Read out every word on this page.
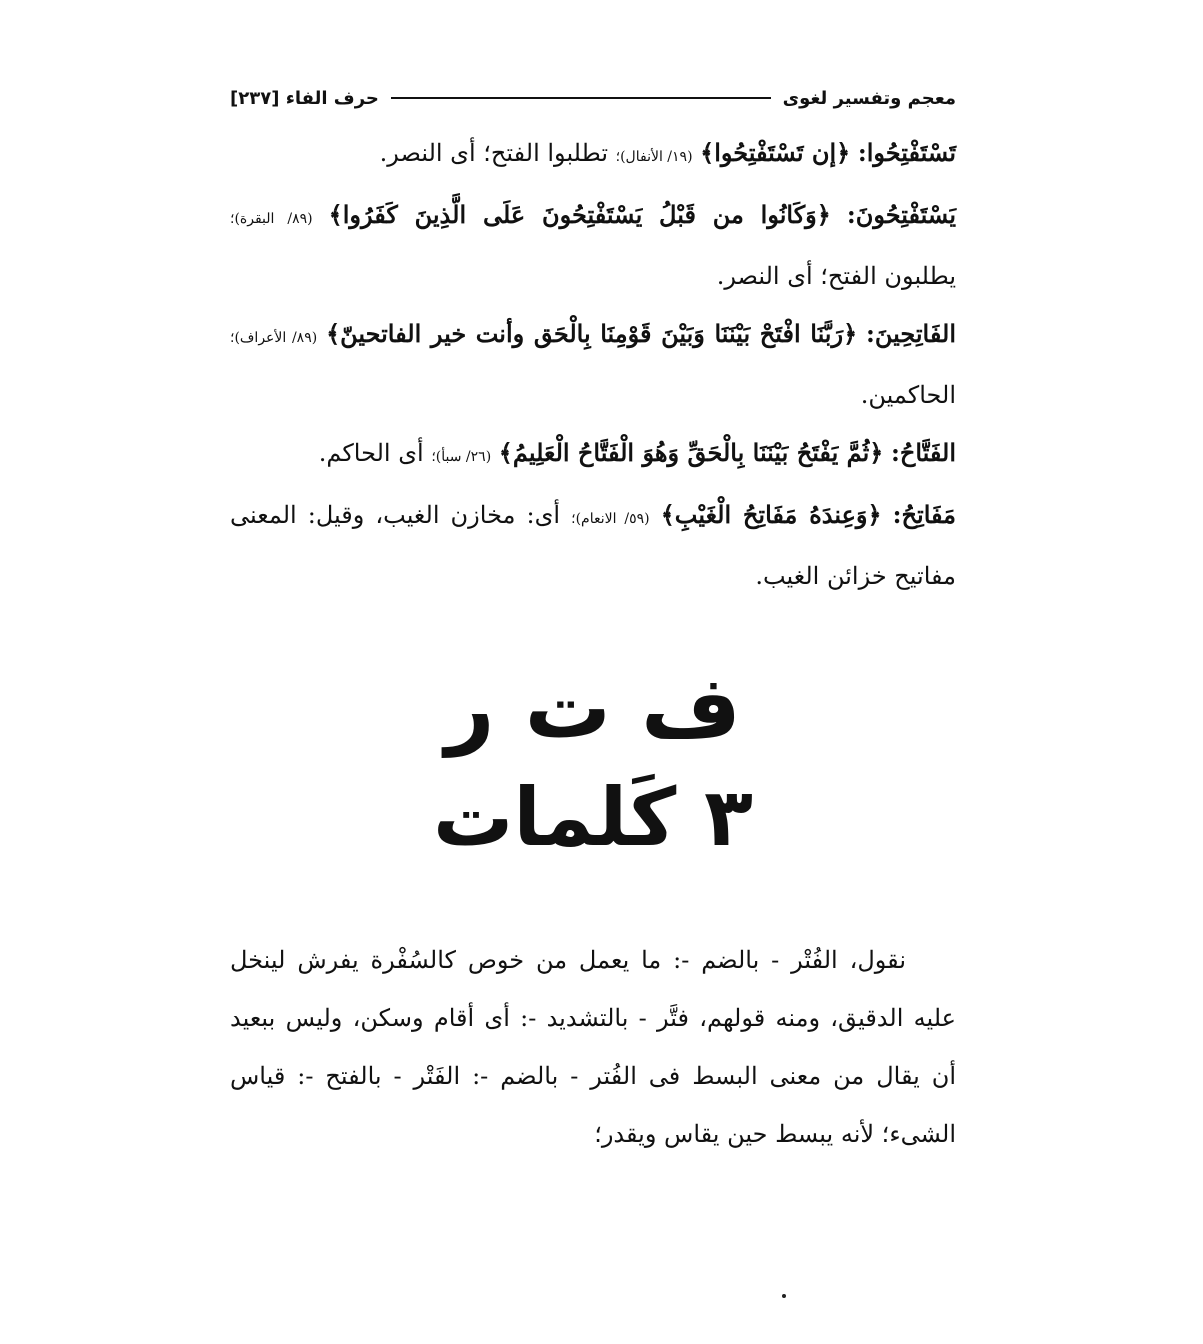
معجم وتفسير لغوى
حرف الفاء [٢٣٧]

تَسْتَفْتِحُوا: ﴿إن تَسْتَفْتِحُوا﴾ (١٩/ الأنفال)؛ تطلبوا الفتح؛ أى النصر.

يَسْتَفْتِحُونَ: ﴿وَكَانُوا من قَبْلُ يَسْتَفْتِحُونَ عَلَى الَّذِينَ كَفَرُوا﴾ (٨٩/ البقرة)؛ يطلبون الفتح؛ أى النصر.

الفَاتِحِينَ: ﴿رَبَّنَا افْتَحْ بَيْنَنَا وَبَيْنَ قَوْمِنَا بِالْحَق وأنت خير الفاتحينّ﴾ (٨٩/ الأعراف)؛ الحاكمين.

الفَتَّاحُ: ﴿ثُمَّ يَفْتَحُ بَيْنَنَا بِالْحَقِّ وَهُوَ الْفَتَّاحُ الْعَلِيمُ﴾ (٢٦/ سبأ)؛ أى الحاكم.

مَفَاتِحُ: ﴿وَعِندَهُ مَفَاتِحُ الْغَيْبِ﴾ (٥٩/ الانعام)؛ أى: مخازن الغيب، وقيل: المعنى مفاتيح خزائن الغيب.

ف ت ر
٣ كَلمات

نقول، الفُتْر - بالضم -: ما يعمل من خوص كالسُفْرة يفرش لينخل عليه الدقيق، ومنه قولهم، فتَّر - بالتشديد -: أى أقام وسكن، وليس ببعيد أن يقال من معنى البسط فى الفُتر - بالضم -: الفَتْر - بالفتح -: قياس الشىء؛ لأنه يبسط حين يقاس ويقدر؛
